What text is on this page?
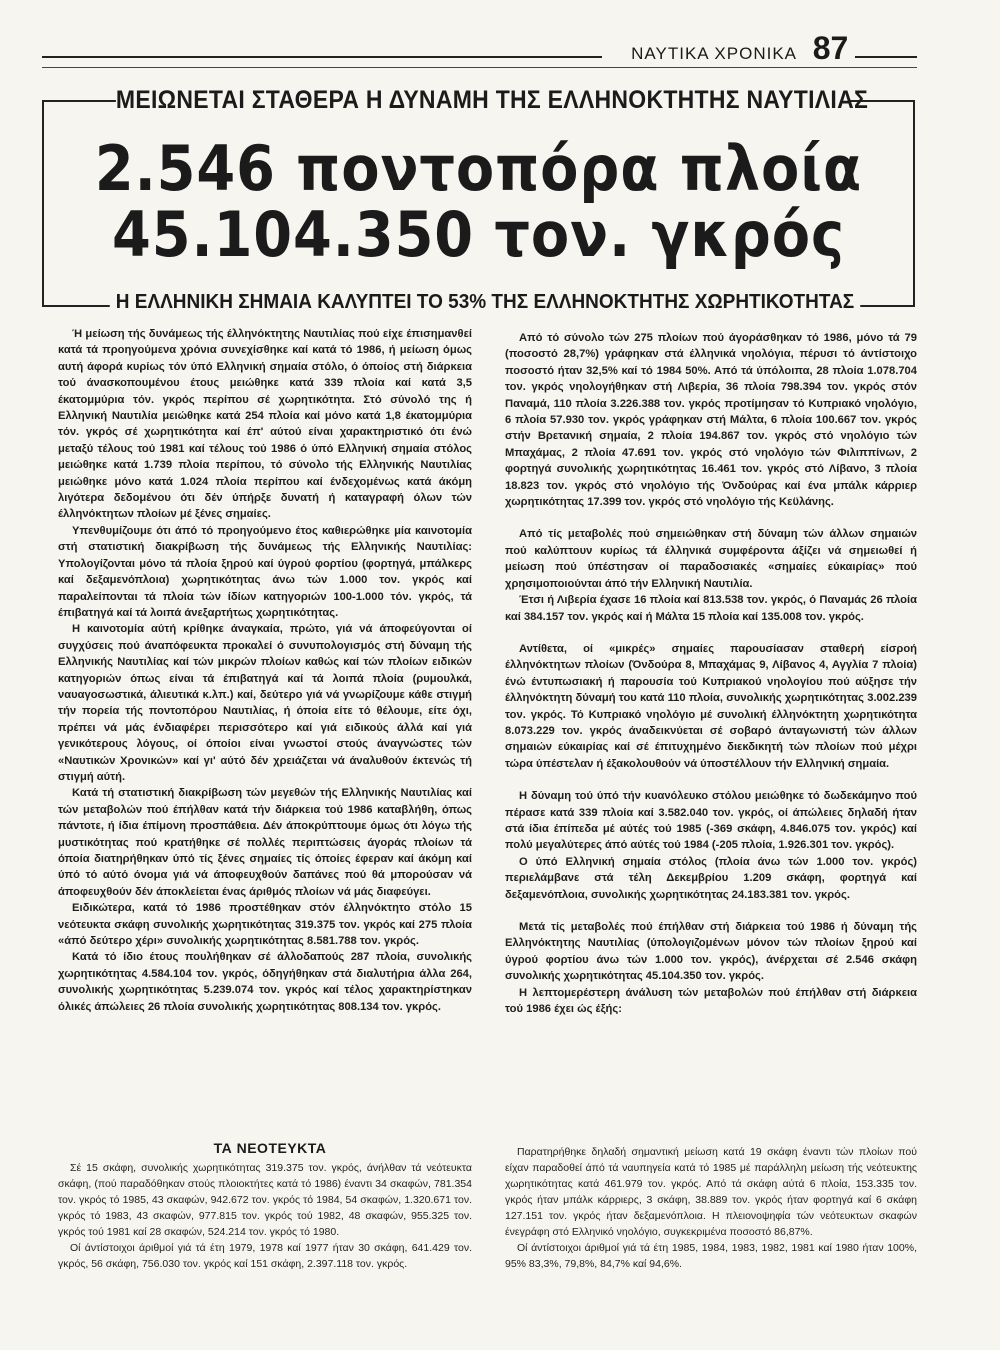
ΝΑΥΤΙΚΑ ΧΡΟΝΙΚΑ 87
ΜΕΙΩΝΕΤΑΙ ΣΤΑΘΕΡΑ Η ΔΥΝΑΜΗ ΤΗΣ ΕΛΛΗΝΟΚΤΗΤΗΣ ΝΑΥΤΙΛΙΑΣ
2.546 ποντοπόρα πλοία
45.104.350 τον. γκρός
Η ΕΛΛΗΝΙΚΗ ΣΗΜΑΙΑ ΚΑΛΥΠΤΕΙ ΤΟ 53% ΤΗΣ ΕΛΛΗΝΟΚΤΗΤΗΣ ΧΩΡΗΤΙΚΟΤΗΤΑΣ

Ή μείωση τής δυνάμεως τής έλληνόκτητης Ναυτιλίας πού είχε έπισημανθεί κατά τά προηγούμενα χρόνια συνεχίσθηκε καί κατά τό 1986, ή μείωση όμως αυτή άφορά κυρίως τόν ύπό Ελληνική σημαία στόλο, ό όποίος στή διάρκεια τού άνασκοπουμένου έτους μειώθηκε κατά 339 πλοία καί κατά 3,5 έκατομμύρια τόν. γκρός περίπου σέ χωρητικότητα. Στό σύνολό της ή Ελληνική Ναυτιλία μειώθηκε κατά 254 πλοία καί μόνο κατά 1,8 έκατομμύρια τόν. γκρός σέ χωρητικότητα καί έπ' αύτού είναι χαρακτηριστικό ότι ένώ μεταξύ τέλους τού 1981 καί τέλους τού 1986 ό ύπό Ελληνική σημαία στόλος μειώθηκε κατά 1.739 πλοία περίπου, τό σύνολο τής Ελληνικής Ναυτιλίας μειώθηκε μόνο κατά 1.024 πλοία περίπου καί ένδεχομένως κατά άκόμη λιγότερα δεδομένου ότι δέν ύπήρξε δυνατή ή καταγραφή όλων τών έλληνόκτητων πλοίων μέ ξένες σημαίες.

Υπενθυμίζουμε ότι άπό τό προηγούμενο έτος καθιερώθηκε μία καινοτομία στή στατιστική διακρίβωση τής δυνάμεως τής Ελληνικής Ναυτιλίας: Υπολογίζονται μόνο τά πλοία ξηρού καί ύγρού φορτίου (φορτηγά, μπάλκερς καί δεξαμενόπλοια) χωρητικότητας άνω τών 1.000 τον. γκρός καί παραλείπονται τά πλοία τών ίδίων κατηγοριών 100-1.000 τόν. γκρός, τά έπιβατηγά καί τά λοιπά άνεξαρτήτως χωρητικότητας.

Η καινοτομία αύτή κρίθηκε άναγκαία, πρώτο, γιά νά άποφεύγονται οί συγχύσεις πού άναπόφευκτα προκαλεί ό συνυπολογισμός στή δύναμη τής Ελληνικής Ναυτιλίας καί τών μικρών πλοίων καθώς καί τών πλοίων ειδικών κατηγοριών όπως είναι τά έπιβατηγά καί τά λοιπά πλοία (ρυμουλκά, ναυαγοσωστικά, άλιευτικά κ.λπ.) καί, δεύτερο γιά νά γνωρίζουμε κάθε στιγμή τήν πορεία τής ποντοπόρου Ναυτιλίας, ή όποία είτε τό θέλουμε, είτε όχι, πρέπει νά μάς ένδιαφέρει περισσότερο καί γιά ειδικούς άλλά καί γιά γενικότερους λόγους, οί όποίοι είναι γνωστοί στούς άναγνώστες τών «Ναυτικών Χρονικών» καί γι' αύτό δέν χρειάζεται νά άναλυθούν έκτενώς τή στιγμή αύτή.

Κατά τή στατιστική διακρίβωση τών μεγεθών τής Ελληνικής Ναυτιλίας καί τών μεταβολών πού έπήλθαν κατά τήν διάρκεια τού 1986 καταβλήθη, όπως πάντοτε, ή ίδια έπίμονη προσπάθεια. Δέν άποκρύπτουμε όμως ότι λόγω τής μυστικότητας πού κρατήθηκε σέ πολλές περιπτώσεις άγοράς πλοίων τά όποία διατηρήθηκαν ύπό τίς ξένες σημαίες τίς όποίες έφεραν καί άκόμη καί ύπό τό αύτό όνομα γιά νά άποφευχθούν δαπάνες πού θά μπορούσαν νά άποφευχθούν δέν άποκλείεται ένας άριθμός πλοίων νά μάς διαφεύγει.

Ειδικώτερα, κατά τό 1986 προστέθηκαν στόν έλληνόκτητο στόλο 15 νεότευκτα σκάφη συνολικής χωρητικότητας 319.375 τον. γκρός καί 275 πλοία «άπό δεύτερο χέρι» συνολικής χωρητικότητας 8.581.788 τον. γκρός.

Κατά τό ίδιο έτους πουλήθηκαν σέ άλλοδαπούς 287 πλοία, συνολικής χωρητικότητας 4.584.104 τον. γκρός, όδηγήθηκαν στά διαλυτήρια άλλα 264, συνολικής χωρητικότητας 5.239.074 τον. γκρός καί τέλος χαρακτηρίστηκαν όλικές άπώλειες 26 πλοία συνολικής χωρητικότητας 808.134 τον. γκρός.

Από τό σύνολο τών 275 πλοίων πού άγοράσθηκαν τό 1986, μόνο τά 79 (ποσοστό 28,7%) γράφηκαν στά έλληνικά νηολόγια, πέρυσι τό άντίστοιχο ποσοστό ήταν 32,5% καί τό 1984 50%. Από τά ύπόλοιπα, 28 πλοία 1.078.704 τον. γκρός νηολογήθηκαν στή Λιβερία, 36 πλοία 798.394 τον. γκρός στόν Παναμά, 110 πλοία 3.226.388 τον. γκρός προτίμησαν τό Κυπριακό νηολόγιο, 6 πλοία 57.930 τον. γκρός γράφηκαν στή Μάλτα, 6 πλοία 100.667 τον. γκρός στήν Βρετανική σημαία, 2 πλοία 194.867 τον. γκρός στό νηολόγιο τών Μπαχάμας, 2 πλοία 47.691 τον. γκρός στό νηολόγιο τών Φιλιππίνων, 2 φορτηγά συνολικής χωρητικότητας 16.461 τον. γκρός στό Λίβανο, 3 πλοία 18.823 τον. γκρός στό νηολόγιο τής Όνδούρας καί ένα μπάλκ κάρριερ χωρητικότητας 17.399 τον. γκρός στό νηολόγιο τής Κεϋλάνης.

Από τίς μεταβολές πού σημειώθηκαν στή δύναμη τών άλλων σημαιών πού καλύπτουν κυρίως τά έλληνικά συμφέροντα άξίζει νά σημειωθεί ή μείωση πού ύπέστησαν οί παραδοσιακές «σημαίες εύκαιρίας» πού χρησιμοποιούνται άπό τήν Ελληνική Ναυτιλία.

Έτσι ή Λιβερία έχασε 16 πλοία καί 813.538 τον. γκρός, ό Παναμάς 26 πλοία καί 384.157 τον. γκρός καί ή Μάλτα 15 πλοία καί 135.008 τον. γκρός.

Αντίθετα, οί «μικρές» σημαίες παρουσίασαν σταθερή είσροή έλληνόκτητων πλοίων (Όνδούρα 8, Μπαχάμας 9, Λίβανος 4, Αγγλία 7 πλοία) ένώ έντυπωσιακή ή παρουσία τού Κυπριακού νηολογίου πού αύξησε τήν έλληνόκτητη δύναμή του κατά 110 πλοία, συνολικής χωρητικότητας 3.002.239 τον. γκρός. Τό Κυπριακό νηολόγιο μέ συνολική έλληνόκτητη χωρητικότητα 8.073.229 τον. γκρός άναδεικνύεται σέ σοβαρό άνταγωνιστή τών άλλων σημαιών εύκαιρίας καί σέ έπιτυχημένο διεκδικητή τών πλοίων πού μέχρι τώρα ύπέστελαν ή έξακολουθούν νά ύποστέλλουν τήν Ελληνική σημαία.

Η δύναμη τού ύπό τήν κυανόλευκο στόλου μειώθηκε τό δωδεκάμηνο πού πέρασε κατά 339 πλοία καί 3.582.040 τον. γκρός, οί άπώλειες δηλαδή ήταν στά ίδια έπίπεδα μέ αύτές τού 1985 (-369 σκάφη, 4.846.075 τον. γκρός) καί πολύ μεγαλύτερες άπό αύτές τού 1984 (-205 πλοία, 1.926.301 τον. γκρός).

Ο ύπό Ελληνική σημαία στόλος (πλοία άνω τών 1.000 τον. γκρός) περιελάμβανε στά τέλη Δεκεμβρίου 1.209 σκάφη, φορτηγά καί δεξαμενόπλοια, συνολικής χωρητικότητας 24.183.381 τον. γκρός.

Μετά τίς μεταβολές πού έπήλθαν στή διάρκεια τού 1986 ή δύναμη τής Ελληνόκτητης Ναυτιλίας (ύπολογιζομένων μόνον τών πλοίων ξηρού καί ύγρού φορτίου άνω τών 1.000 τον. γκρός), άνέρχεται σέ 2.546 σκάφη συνολικής χωρητικότητας 45.104.350 τον. γκρός.

Η λεπτομερέστερη άνάλυση τών μεταβολών πού έπήλθαν στή διάρκεια τού 1986 έχει ώς έξής:

ΤΑ ΝΕΟΤΕΥΚΤΑ

Σέ 15 σκάφη, συνολικής χωρητικότητας 319.375 τον. γκρός, άνήλθαν τά νεότευκτα σκάφη, (πού παραδόθηκαν στούς πλοιοκτήτες κατά τό 1986) έναντι 34 σκαφών, 781.354 τον. γκρός τό 1985, 43 σκαφών, 942.672 τον. γκρός τό 1984, 54 σκαφών, 1.320.671 τον. γκρός τό 1983, 43 σκαφών, 977.815 τον. γκρός τού 1982, 48 σκαφών, 955.325 τον. γκρός τού 1981 καί 28 σκαφών, 524.214 τον. γκρός τό 1980.

Οί άντίστοιχοι άριθμοί γιά τά έτη 1979, 1978 καί 1977 ήταν 30 σκάφη, 641.429 τον. γκρός, 56 σκάφη, 756.030 τον. γκρός καί 151 σκάφη, 2.397.118 τον. γκρός.

Παρατηρήθηκε δηλαδή σημαντική μείωση κατά 19 σκάφη έναντι τών πλοίων πού είχαν παραδοθεί άπό τά ναυπηγεία κατά τό 1985 μέ παράλληλη μείωση τής νεότευκτης χωρητικότητας κατά 461.979 τον. γκρός. Από τά σκάφη αύτά 6 πλοία, 153.335 τον. γκρός ήταν μπάλκ κάρριερς, 3 σκάφη, 38.889 τον. γκρός ήταν φορτηγά καί 6 σκάφη 127.151 τον. γκρός ήταν δεξαμενόπλοια. Η πλειονοψηφία τών νεότευκτων σκαφών ένεγράφη στό Ελληνικό νηολόγιο, συγκεκριμένα ποσοστό 86,87%.

Οί άντίστοιχοι άριθμοί γιά τά έτη 1985, 1984, 1983, 1982, 1981 καί 1980 ήταν 100%, 95% 83,3%, 79,8%, 84,7% καί 94,6%.
